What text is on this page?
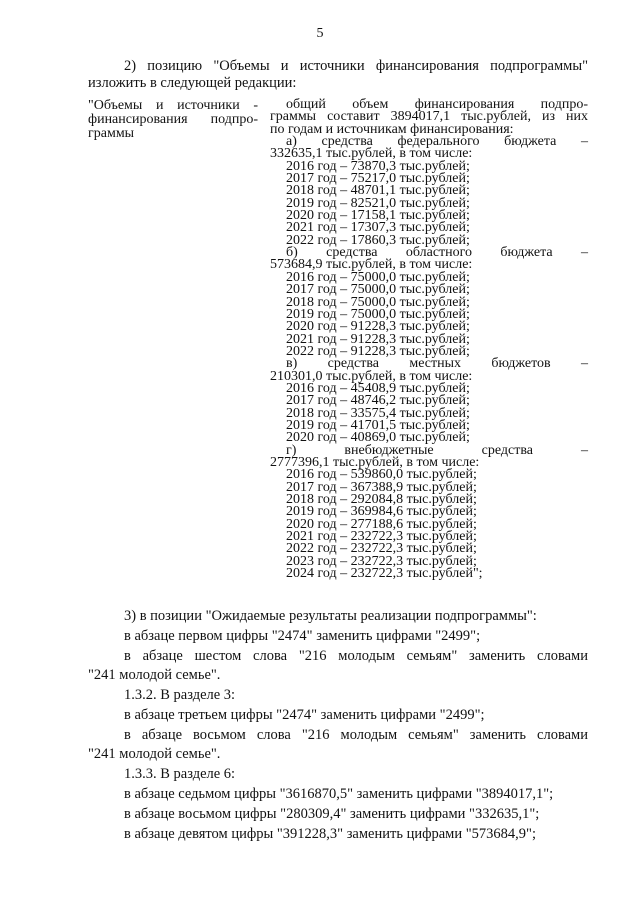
5
2) позицию "Объемы и источники финансирования подпрограммы" изложить в следующей редакции:
"Объемы и источники -
финансирования подпро-
граммы
общий объем финансирования подпро-
граммы составит 3894017,1 тыс.рублей, из них
по годам и источникам финансирования:
а) средства федерального бюджета –
332635,1 тыс.рублей, в том числе:
2016 год – 73870,3 тыс.рублей;
2017 год – 75217,0 тыс.рублей;
2018 год – 48701,1 тыс.рублей;
2019 год – 82521,0 тыс.рублей;
2020 год – 17158,1 тыс.рублей;
2021 год – 17307,3 тыс.рублей;
2022 год – 17860,3 тыс.рублей;
б) средства областного бюджета –
573684,9 тыс.рублей, в том числе:
2016 год – 75000,0 тыс.рублей;
2017 год – 75000,0 тыс.рублей;
2018 год – 75000,0 тыс.рублей;
2019 год – 75000,0 тыс.рублей;
2020 год – 91228,3 тыс.рублей;
2021 год – 91228,3 тыс.рублей;
2022 год – 91228,3 тыс.рублей;
в) средства местных бюджетов –
210301,0 тыс.рублей, в том числе:
2016 год – 45408,9 тыс.рублей;
2017 год – 48746,2 тыс.рублей;
2018 год – 33575,4 тыс.рублей;
2019 год – 41701,5 тыс.рублей;
2020 год – 40869,0 тыс.рублей;
г) внебюджетные средства –
2777396,1 тыс.рублей, в том числе:
2016 год – 539860,0 тыс.рублей;
2017 год – 367388,9 тыс.рублей;
2018 год – 292084,8 тыс.рублей;
2019 год – 369984,6 тыс.рублей;
2020 год – 277188,6 тыс.рублей;
2021 год – 232722,3 тыс.рублей;
2022 год – 232722,3 тыс.рублей;
2023 год – 232722,3 тыс.рублей;
2024 год – 232722,3 тыс.рублей";
3) в позиции "Ожидаемые результаты реализации подпрограммы":
в абзаце первом цифры "2474" заменить цифрами "2499";
в абзаце шестом слова "216 молодым семьям" заменить словами
"241 молодой семье".
1.3.2. В разделе 3:
в абзаце третьем цифры "2474" заменить цифрами "2499";
в абзаце восьмом слова "216 молодым семьям" заменить словами
"241 молодой семье".
1.3.3. В разделе 6:
в абзаце седьмом цифры "3616870,5" заменить цифрами "3894017,1";
в абзаце восьмом цифры "280309,4" заменить цифрами "332635,1";
в абзаце девятом цифры "391228,3" заменить цифрами "573684,9";
